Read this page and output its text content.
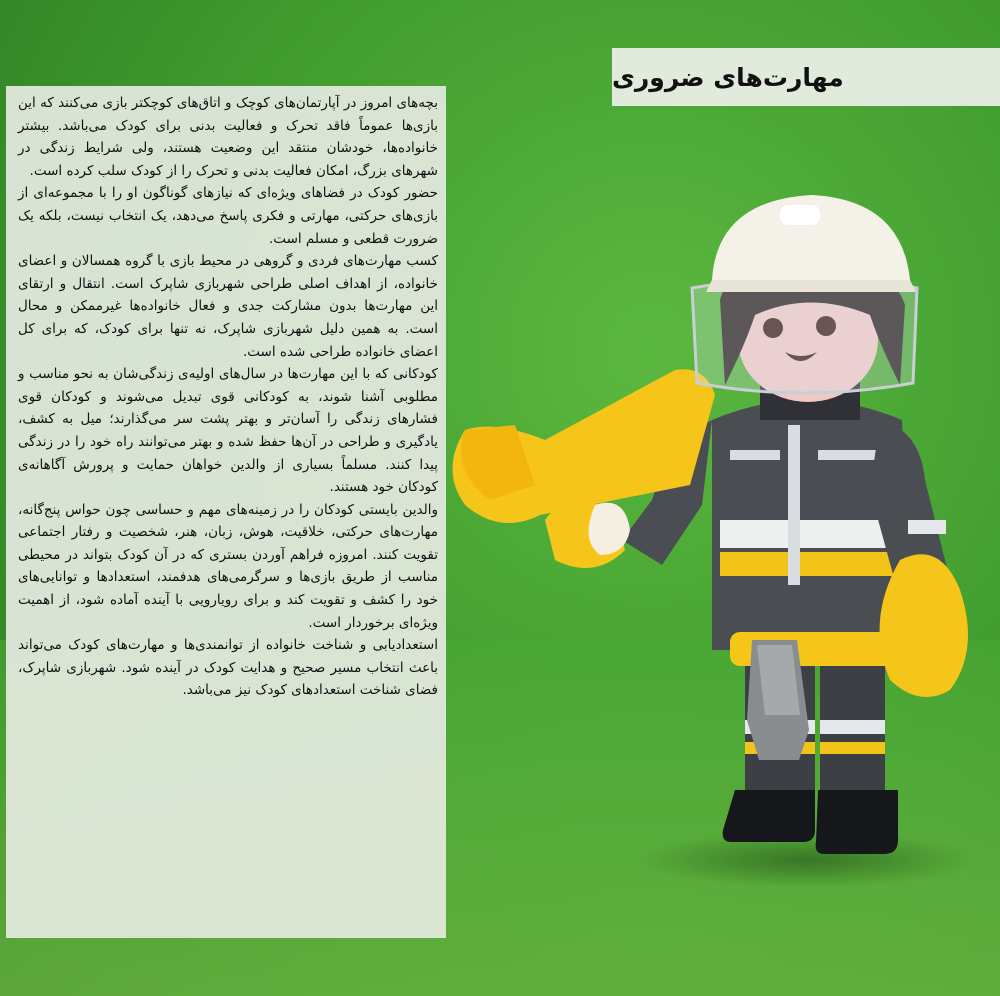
مهارت‌های ضروری

بچه‌های امروز در آپارتمان‌های کوچک و اتاق‌های کوچکتر بازی می‌کنند که این بازی‌ها عموماً فاقد تحرک و فعالیت بدنی برای کودک می‌باشد. بیشتر خانواده‌ها، خودشان منتقد این وضعیت هستند، ولی شرایط زندگی در شهرهای بزرگ، امکان فعالیت بدنی و تحرک را از کودک سلب کرده است.

حضور کودک در فضاهای ویژه‌ای که نیازهای گوناگون او را با مجموعه‌ای از بازی‌های حرکتی، مهارتی و فکری پاسخ می‌دهد، یک انتخاب نیست، بلکه یک ضرورت قطعی و مسلم است.

کسب مهارت‌های فردی و گروهی در محیط بازی با گروه همسالان و اعضای خانواده، از اهداف اصلی طراحی شهربازی شاپرک است. انتقال و ارتقای این مهارت‌ها بدون مشارکت جدی و فعال خانواده‌ها غیرممکن و محال است. به همین دلیل شهربازی شاپرک، نه تنها برای کودک، که برای کل اعضای خانواده طراحی شده است.

کودکانی که با این مهارت‌ها در سال‌های اولیه‌ی زندگی‌شان به نحو مناسب و مطلوبی آشنا شوند، به کودکانی قوی تبدیل می‌شوند و کودکان قوی فشارهای زندگی را آسان‌تر و بهتر پشت سر می‌گذارند؛ میل به کشف، یادگیری و طراحی در آن‌ها حفظ شده و بهتر می‌توانند راه خود را در زندگی پیدا کنند. مسلماً بسیاری از والدین خواهان حمایت و پرورش آگاهانه‌ی کودکان خود هستند.

والدین بایستی کودکان را در زمینه‌های مهم و حساسی چون حواس پنج‌گانه، مهارت‌های حرکتی، خلاقیت، هوش، زبان، هنر، شخصیت و رفتار اجتماعی تقویت کنند. امروزه فراهم آوردن بستری که در آن کودک بتواند در محیطی مناسب از طریق بازی‌ها و سرگرمی‌های هدفمند، استعدادها و توانایی‌های خود را کشف و تقویت کند و برای رویارویی با آینده آماده شود، از اهمیت ویژه‌ای برخوردار است.

استعدادیابی و شناخت خانواده از توانمندی‌ها و مهارت‌های کودک می‌تواند باعث انتخاب مسیر صحیح و هدایت کودک در آینده شود. شهربازی شاپرک، فضای شناخت استعدادهای کودک نیز می‌باشد.
